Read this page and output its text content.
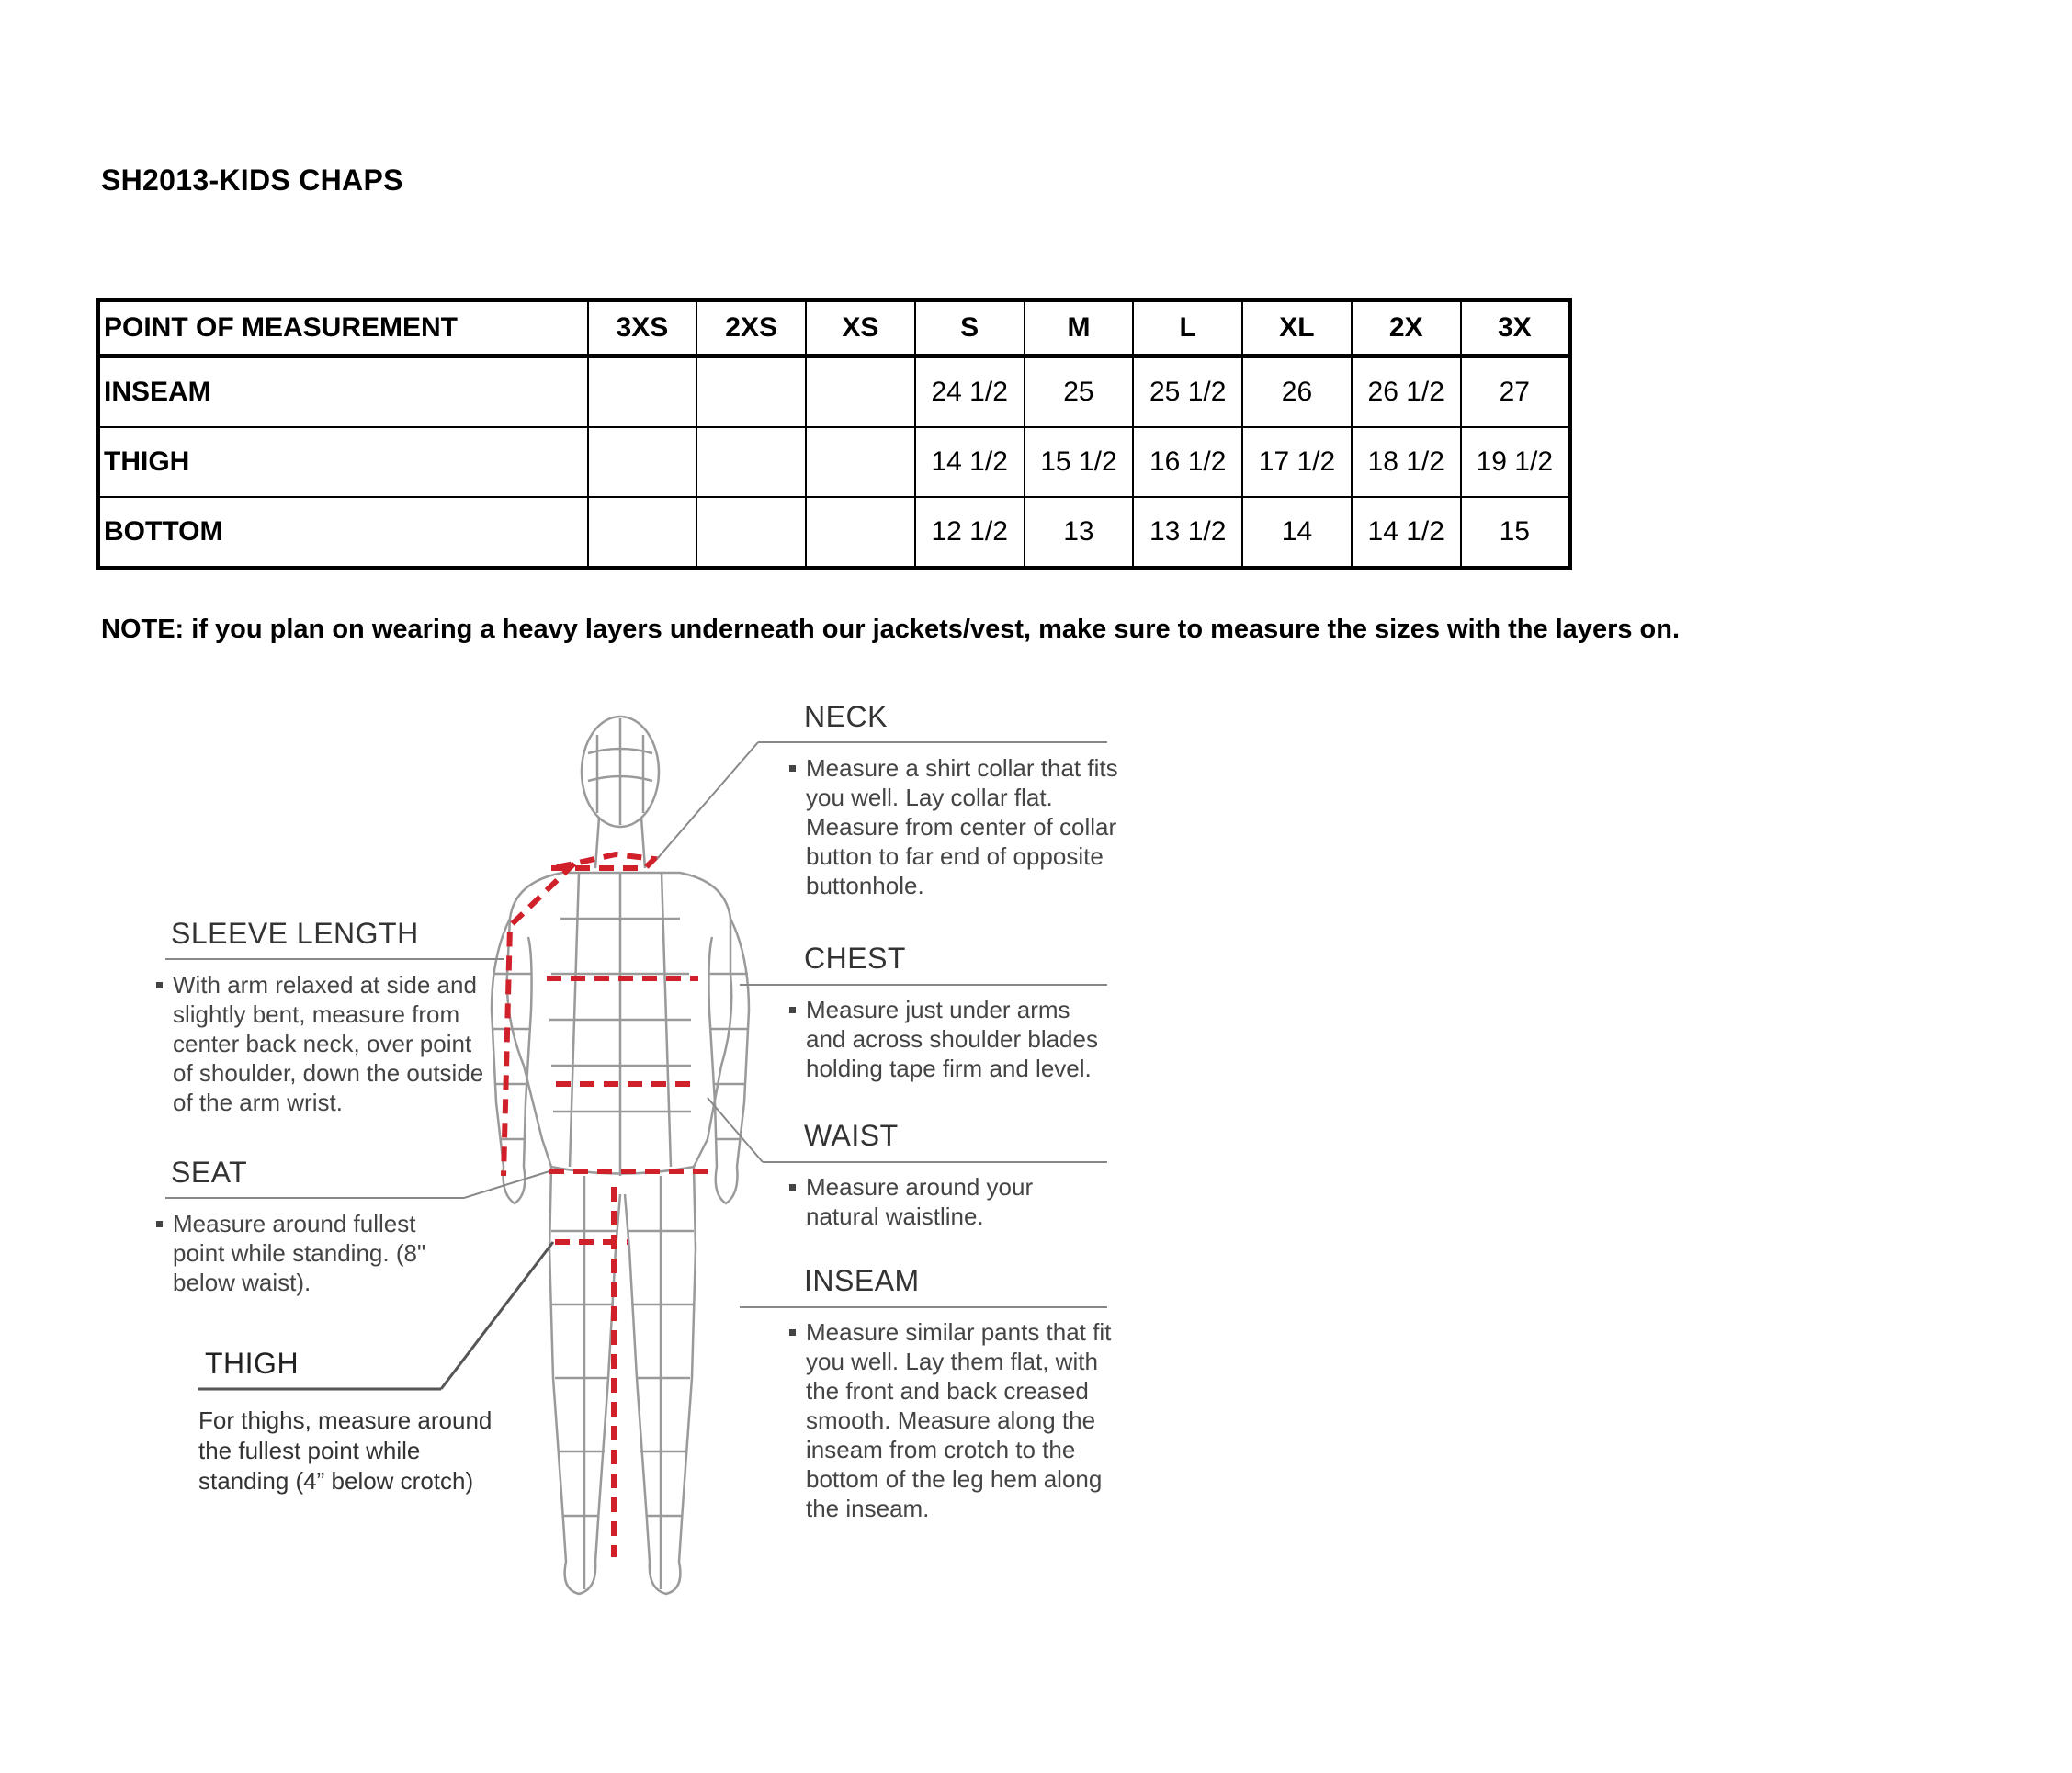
SH2013-KIDS CHAPS
POINT OF MEASUREMENT	3XS	2XS	XS	S	M	L	XL	2X	3X
INSEAM				24 1/2	25	25 1/2	26	26 1/2	27
THIGH				14 1/2	15 1/2	16 1/2	17 1/2	18 1/2	19 1/2
BOTTOM				12 1/2	13	13 1/2	14	14 1/2	15
NOTE: if you plan on wearing a heavy layers underneath our jackets/vest, make sure to measure the sizes with the layers on.
NECK
Measure a shirt collar that fits you well. Lay collar flat. Measure from center of collar button to far end of opposite buttonhole.
CHEST
Measure just under arms and across shoulder blades holding tape firm and level.
WAIST
Measure around your natural waistline.
INSEAM
Measure similar pants that fit you well. Lay them flat, with the front and back creased smooth. Measure along the inseam from crotch to the bottom of the leg hem along the inseam.
SLEEVE LENGTH
With arm relaxed at side and slightly bent, measure from center back neck, over point of shoulder, down the outside of the arm wrist.
SEAT
Measure around fullest point while standing. (8" below waist).
THIGH
For thighs, measure around the fullest point while standing (4” below crotch)
